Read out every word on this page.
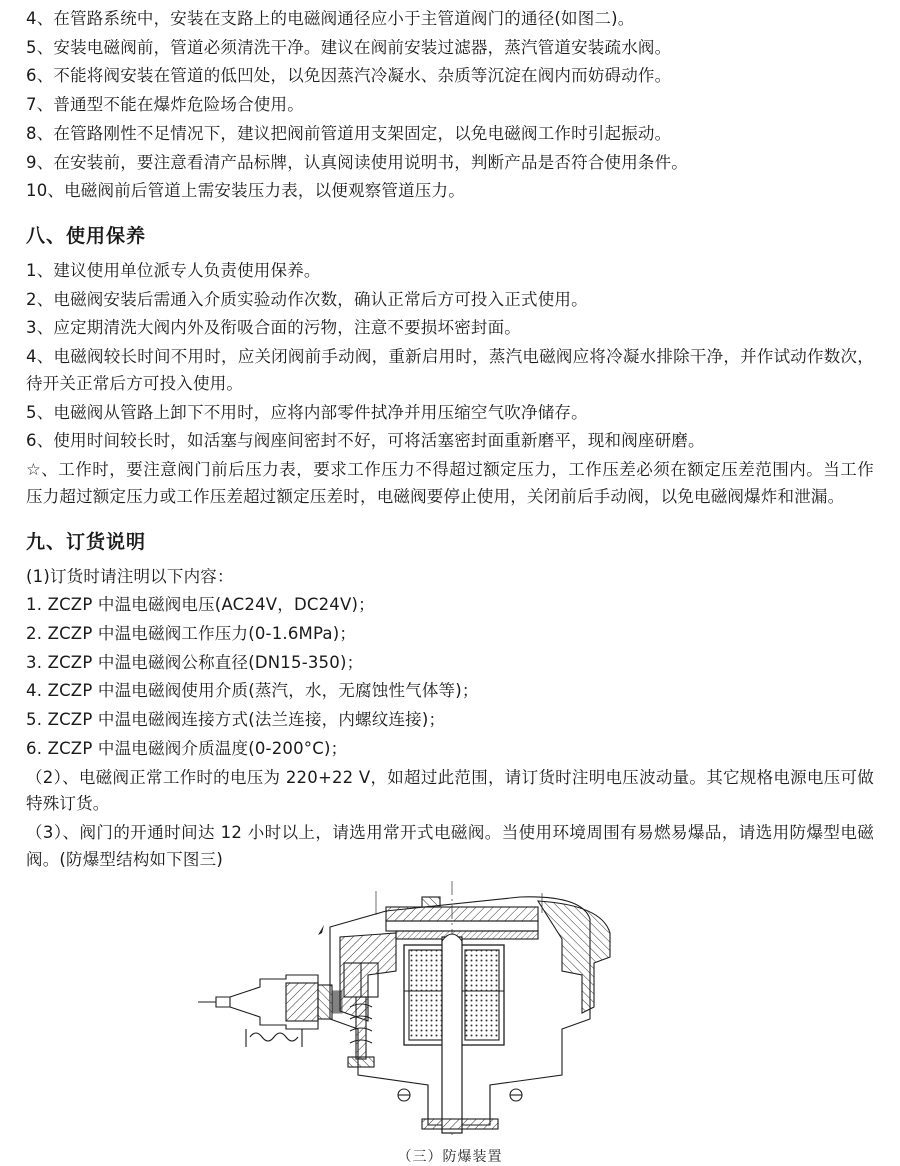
4、在管路系统中，安装在支路上的电磁阀通径应小于主管道阀门的通径(如图二)。

5、安装电磁阀前，管道必须清洗干净。建议在阀前安装过滤器，蒸汽管道安装疏水阀。

6、不能将阀安装在管道的低凹处，以免因蒸汽冷凝水、杂质等沉淀在阀内而妨碍动作。

7、普通型不能在爆炸危险场合使用。

8、在管路刚性不足情况下，建议把阀前管道用支架固定，以免电磁阀工作时引起振动。

9、在安装前，要注意看清产品标牌，认真阅读使用说明书，判断产品是否符合使用条件。

10、电磁阀前后管道上需安装压力表，以便观察管道压力。

八、使用保养

1、建议使用单位派专人负责使用保养。

2、电磁阀安装后需通入介质实验动作次数，确认正常后方可投入正式使用。

3、应定期清洗大阀内外及衔吸合面的污物，注意不要损坏密封面。

4、电磁阀较长时间不用时，应关闭阀前手动阀，重新启用时，蒸汽电磁阀应将冷凝水排除干净，并作试动作数次，待开关正常后方可投入使用。

5、电磁阀从管路上卸下不用时，应将内部零件拭净并用压缩空气吹净储存。

6、使用时间较长时，如活塞与阀座间密封不好，可将活塞密封面重新磨平，现和阀座研磨。

☆、工作时，要注意阀门前后压力表，要求工作压力不得超过额定压力，工作压差必须在额定压差范围内。当工作压力超过额定压力或工作压差超过额定压差时，电磁阀要停止使用，关闭前后手动阀，以免电磁阀爆炸和泄漏。

九、订货说明

(1)订货时请注明以下内容：

1. ZCZP 中温电磁阀电压(AC24V，DC24V)；

2. ZCZP 中温电磁阀工作压力(0-1.6MPa)；

3. ZCZP 中温电磁阀公称直径(DN15-350)；

4. ZCZP 中温电磁阀使用介质(蒸汽，水，无腐蚀性气体等)；

5. ZCZP 中温电磁阀连接方式(法兰连接，内螺纹连接)；

6. ZCZP 中温电磁阀介质温度(0-200°C)；

（2）、电磁阀正常工作时的电压为 220+22 V，如超过此范围，请订货时注明电压波动量。其它规格电源电压可做特殊订货。

（3）、阀门的开通时间达 12 小时以上，请选用常开式电磁阀。当使用环境周围有易燃易爆品，请选用防爆型电磁阀。(防爆型结构如下图三)

（三）防爆装置
